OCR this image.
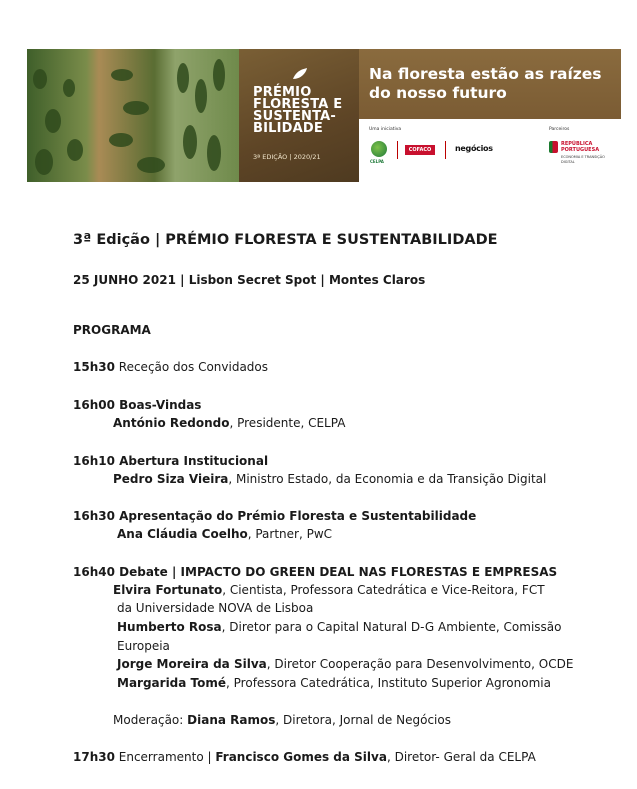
PRÉMIO FLORESTA E SUSTENTA-BILIDADE
3ª EDIÇÃO | 2020/21
Na floresta estão as raízes
do nosso futuro
Uma iniciativa	Parceiros
CELPA
COFACO	negócios	REPÚBLICA PORTUGUESA
ECONOMIA E TRANSIÇÃO DIGITAL
3ª Edição | PRÉMIO FLORESTA E SUSTENTABILIDADE
25 JUNHO 2021 | Lisbon Secret Spot | Montes Claros
PROGRAMA
15h30 Receção dos Convidados
16h00 Boas-Vindas
António Redondo, Presidente, CELPA
16h10 Abertura Institucional
Pedro Siza Vieira, Ministro Estado, da Economia e da Transição Digital
16h30 Apresentação do Prémio Floresta e Sustentabilidade
Ana Cláudia Coelho, Partner, PwC
16h40 Debate | IMPACTO DO GREEN DEAL NAS FLORESTAS E EMPRESAS
Elvira Fortunato, Cientista, Professora Catedrática e Vice-Reitora, FCT
da Universidade NOVA de Lisboa
Humberto Rosa, Diretor para o Capital Natural D-G Ambiente, Comissão
Europeia
Jorge Moreira da Silva, Diretor Cooperação para Desenvolvimento, OCDE
Margarida Tomé, Professora Catedrática, Instituto Superior Agronomia
Moderação: Diana Ramos, Diretora, Jornal de Negócios
17h30 Encerramento | Francisco Gomes da Silva, Diretor- Geral da CELPA
